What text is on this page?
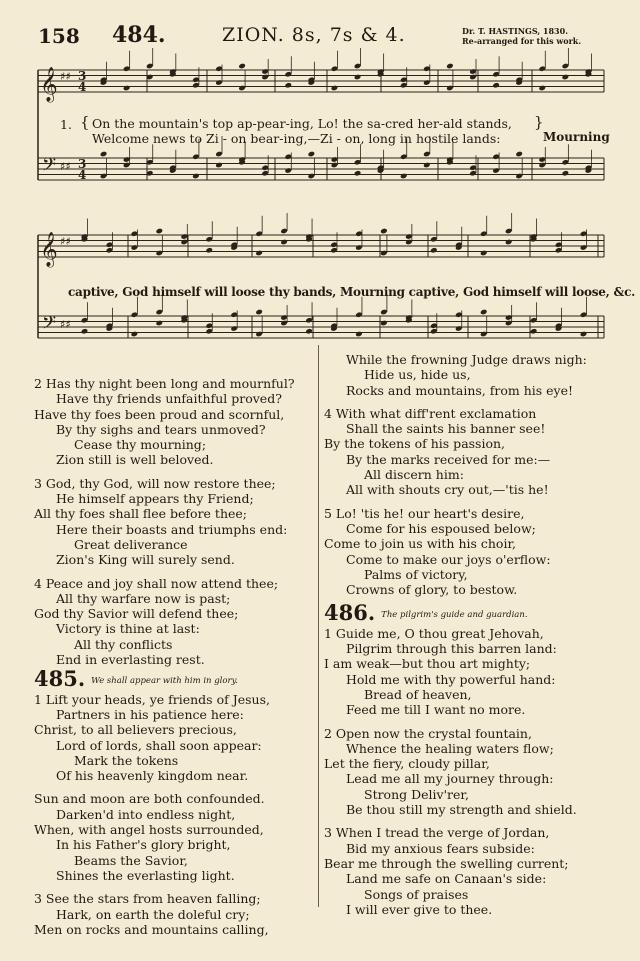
158 484.	ZION. 8s, 7s & 4.	Dr. T. HASTINGS, 1830.
Re-arranged for this work.
𝄞
𝄢
♯♯
♯♯
3
4
3
4
𝄞
𝄢
♯♯
♯♯
1. { On the mountain's top ap-pear-ing, Lo! the sa-cred her-ald stands,
Welcome news to Zi - on bear-ing,—Zi - on, long in hostile lands:
}
Mourning
captive, God himself will loose thy bands, Mourning captive, God himself will loose, &c.
2 Has thy night been long and mournful?
Have thy friends unfaithful proved?
Have thy foes been proud and scornful,
By thy sighs and tears unmoved?
Cease thy mourning;
Zion still is well beloved.
3 God, thy God, will now restore thee;
He himself appears thy Friend;
All thy foes shall flee before thee;
Here their boasts and triumphs end:
Great deliverance
Zion's King will surely send.
4 Peace and joy shall now attend thee;
All thy warfare now is past;
God thy Savior will defend thee;
Victory is thine at last:
All thy conflicts
End in everlasting rest.
485. $^{We shall appear with him in glory.}$
1 Lift your heads, ye friends of Jesus,
Partners in his patience here:
Christ, to all believers precious,
Lord of lords, shall soon appear:
Mark the tokens
Of his heavenly kingdom near.
Sun and moon are both confounded.
Darken'd into endless night,
When, with angel hosts surrounded,
In his Father's glory bright,
Beams the Savior,
Shines the everlasting light.
3 See the stars from heaven falling;
Hark, on earth the doleful cry;
Men on rocks and mountains calling,
While the frowning Judge draws nigh:
Hide us, hide us,
Rocks and mountains, from his eye!
4 With what diff'rent exclamation
Shall the saints his banner see!
By the tokens of his passion,
By the marks received for me:—
All discern him:
All with shouts cry out,—'tis he!
5 Lo! 'tis he! our heart's desire,
Come for his espoused below;
Come to join us with his choir,
Come to make our joys o'erflow:
Palms of victory,
Crowns of glory, to bestow.
486. $^{The pilgrim's guide and guardian.}$
1 Guide me, O thou great Jehovah,
Pilgrim through this barren land:
I am weak—but thou art mighty;
Hold me with thy powerful hand:
Bread of heaven,
Feed me till I want no more.
2 Open now the crystal fountain,
Whence the healing waters flow;
Let the fiery, cloudy pillar,
Lead me all my journey through:
Strong Deliv'rer,
Be thou still my strength and shield.
3 When I tread the verge of Jordan,
Bid my anxious fears subside:
Bear me through the swelling current;
Land me safe on Canaan's side:
Songs of praises
I will ever give to thee.
